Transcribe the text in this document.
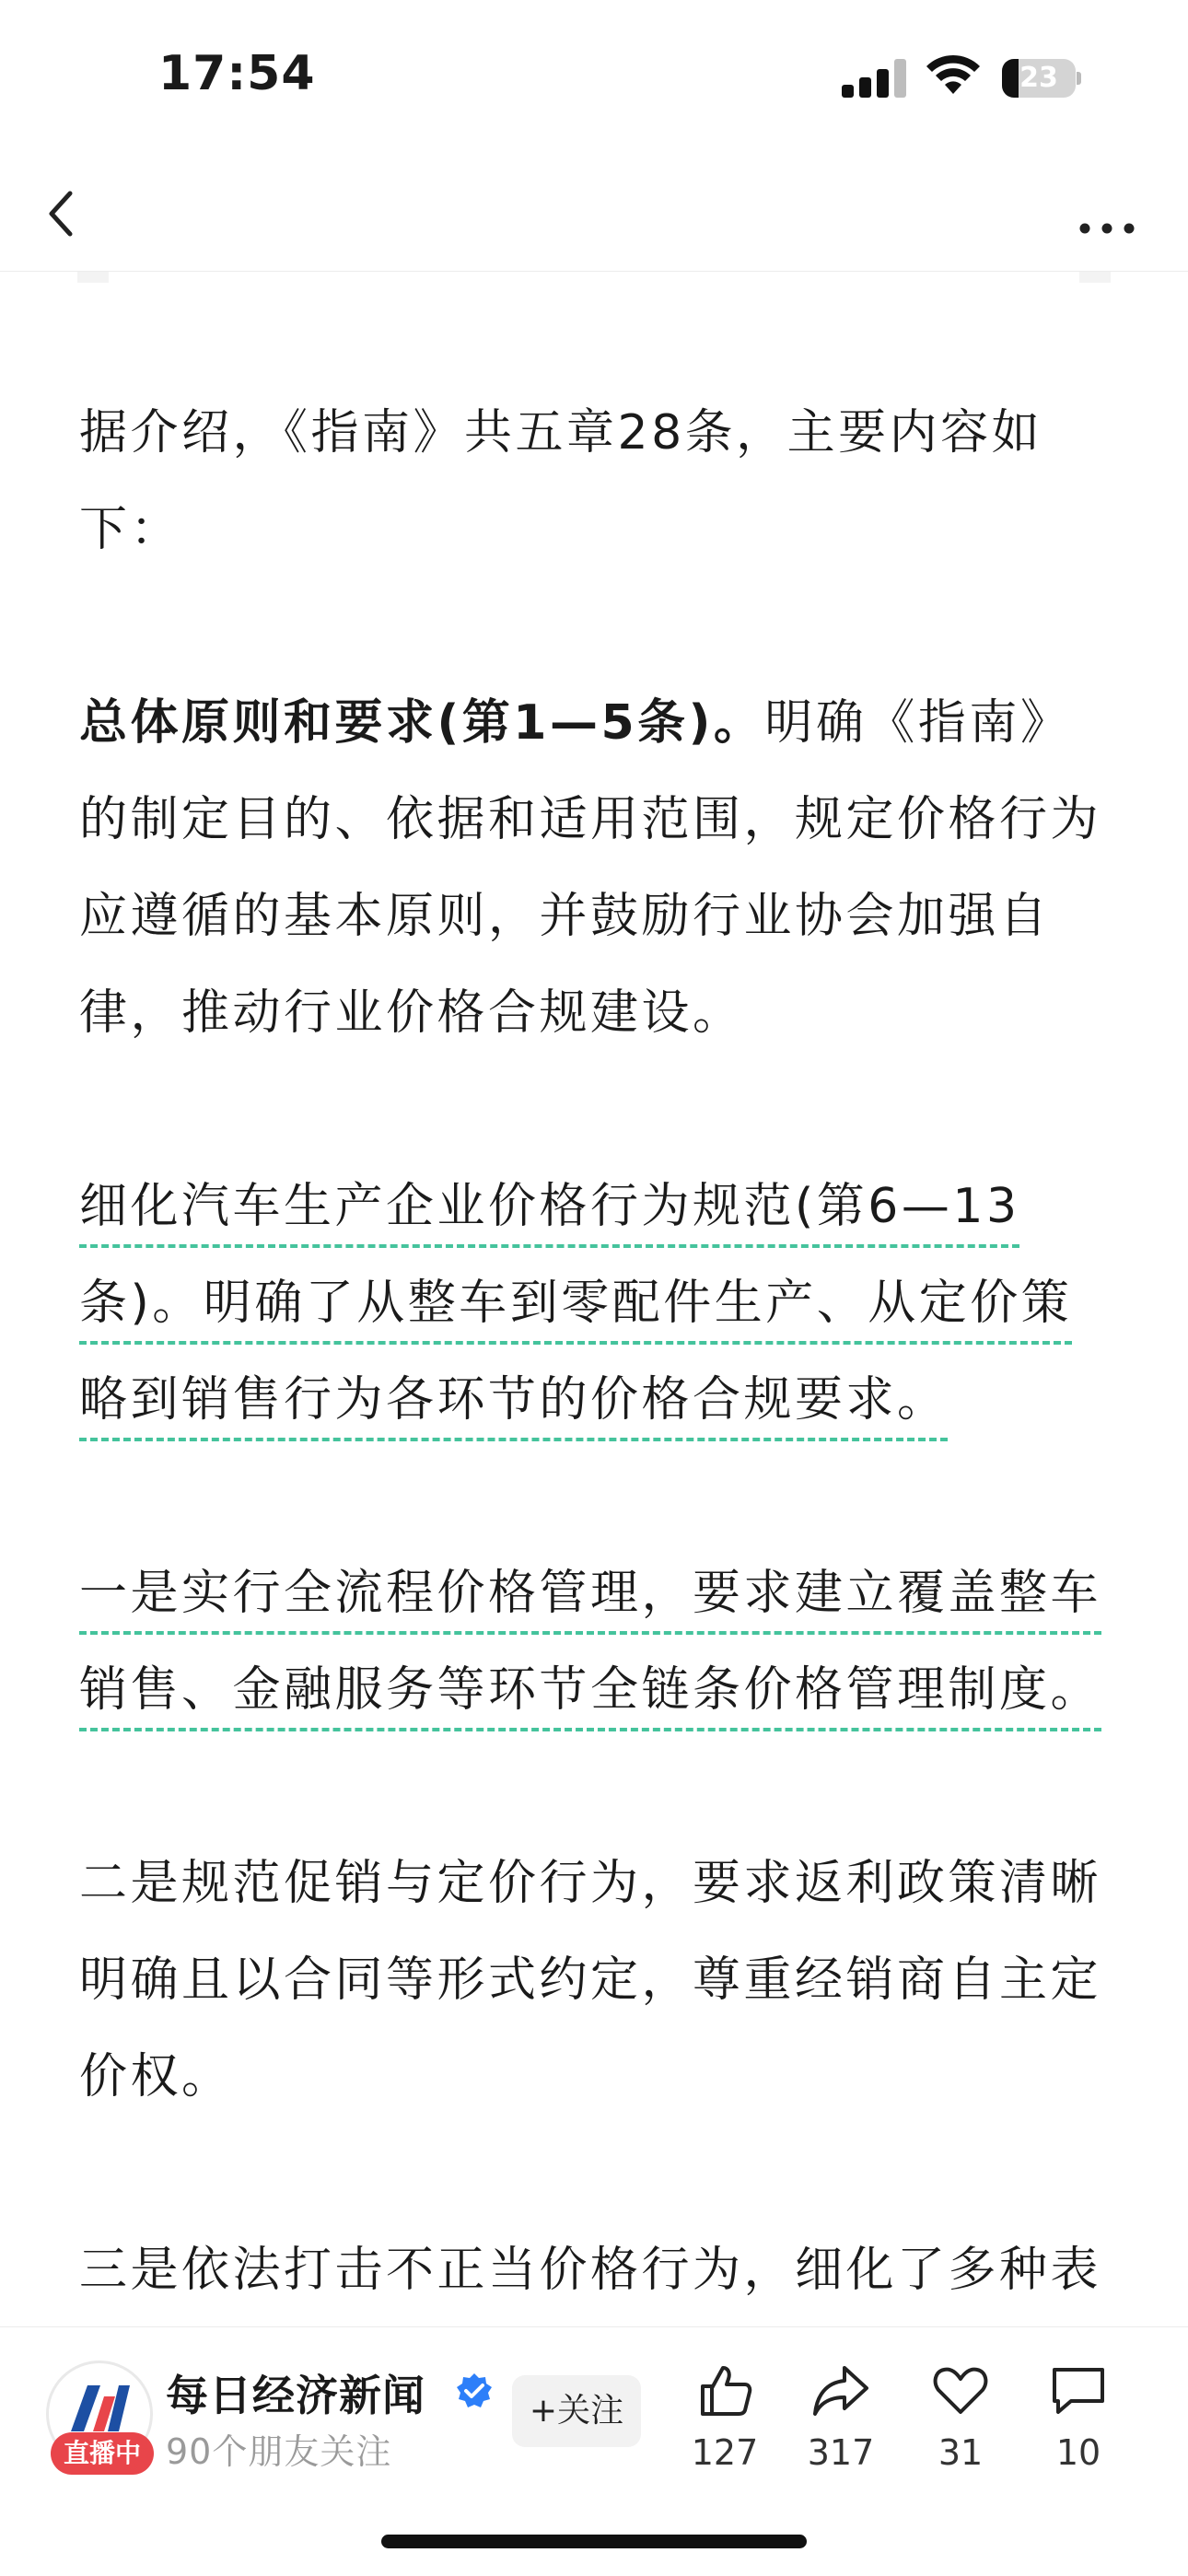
17:54	23

据介绍，《指南》共五章28条，主要内容如下：

总体原则和要求(第1—5条)。明确《指南》的制定目的、依据和适用范围，规定价格行为应遵循的基本原则，并鼓励行业协会加强自律，推动行业价格合规建设。

细化汽车生产企业价格行为规范(第6—13条)。明确了从整车到零配件生产、从定价策略到销售行为各环节的价格合规要求。

一是实行全流程价格管理，要求建立覆盖整车销售、金融服务等环节全链条价格管理制度。

二是规范促销与定价行为，要求返利政策清晰明确且以合同等形式约定，尊重经销商自主定价权。

三是依法打击不正当价格行为，细化了多种表

直播中
每日经济新闻
90个朋友关注
+关注
127	317	31	10
